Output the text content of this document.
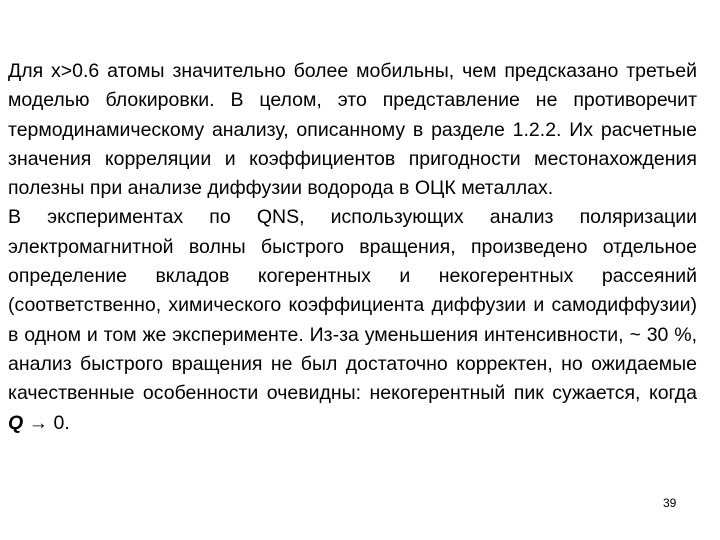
Для x>0.6 атомы значительно более мобильны, чем предсказано третьей моделью блокировки. В целом, это представление не противоречит термодинамическому анализу, описанному в разделе 1.2.2. Их расчетные значения корреляции и коэффициентов пригодности местонахождения полезны при анализе диффузии водорода в ОЦК металлах.

В экспериментах по QNS, использующих анализ поляризации электромагнитной волны быстрого вращения, произведено отдельное определение вкладов когерентных и некогерентных рассеяний (соответственно, химического коэффициента диффузии и самодиффузии) в одном и том же эксперименте. Из-за уменьшения интенсивности, ~ 30 %, анализ быстрого вращения не был достаточно корректен, но ожидаемые качественные особенности очевидны: некогерентный пик сужается, когда Q → 0.

39
